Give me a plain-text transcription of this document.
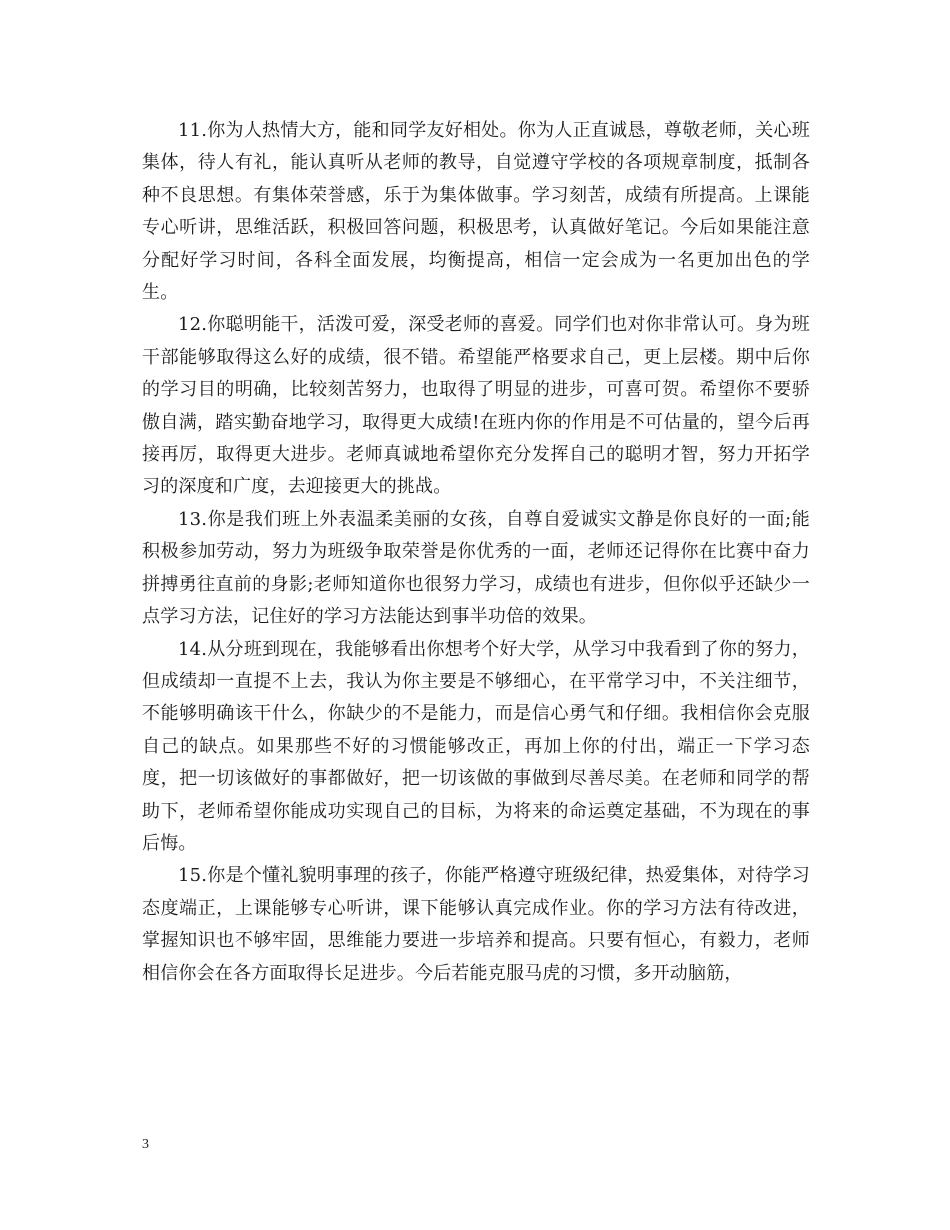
11.你为人热情大方，能和同学友好相处。你为人正直诚恳，尊敬老师，关心班集体，待人有礼，能认真听从老师的教导，自觉遵守学校的各项规章制度，抵制各种不良思想。有集体荣誉感，乐于为集体做事。学习刻苦，成绩有所提高。上课能专心听讲，思维活跃，积极回答问题，积极思考，认真做好笔记。今后如果能注意分配好学习时间，各科全面发展，均衡提高，相信一定会成为一名更加出色的学生。

12.你聪明能干，活泼可爱，深受老师的喜爱。同学们也对你非常认可。身为班干部能够取得这么好的成绩，很不错。希望能严格要求自己，更上层楼。期中后你的学习目的明确，比较刻苦努力，也取得了明显的进步，可喜可贺。希望你不要骄傲自满，踏实勤奋地学习，取得更大成绩!在班内你的作用是不可估量的，望今后再接再厉，取得更大进步。老师真诚地希望你充分发挥自己的聪明才智，努力开拓学习的深度和广度，去迎接更大的挑战。

13.你是我们班上外表温柔美丽的女孩，自尊自爱诚实文静是你良好的一面;能积极参加劳动，努力为班级争取荣誉是你优秀的一面，老师还记得你在比赛中奋力拼搏勇往直前的身影;老师知道你也很努力学习，成绩也有进步，但你似乎还缺少一点学习方法，记住好的学习方法能达到事半功倍的效果。

14.从分班到现在，我能够看出你想考个好大学，从学习中我看到了你的努力，但成绩却一直提不上去，我认为你主要是不够细心，在平常学习中，不关注细节，不能够明确该干什么，你缺少的不是能力，而是信心勇气和仔细。我相信你会克服自己的缺点。如果那些不好的习惯能够改正，再加上你的付出，端正一下学习态度，把一切该做好的事都做好，把一切该做的事做到尽善尽美。在老师和同学的帮助下，老师希望你能成功实现自己的目标，为将来的命运奠定基础，不为现在的事后悔。

15.你是个懂礼貌明事理的孩子，你能严格遵守班级纪律，热爱集体，对待学习态度端正，上课能够专心听讲，课下能够认真完成作业。你的学习方法有待改进，掌握知识也不够牢固，思维能力要进一步培养和提高。只要有恒心，有毅力，老师相信你会在各方面取得长足进步。今后若能克服马虎的习惯，多开动脑筋，

3
